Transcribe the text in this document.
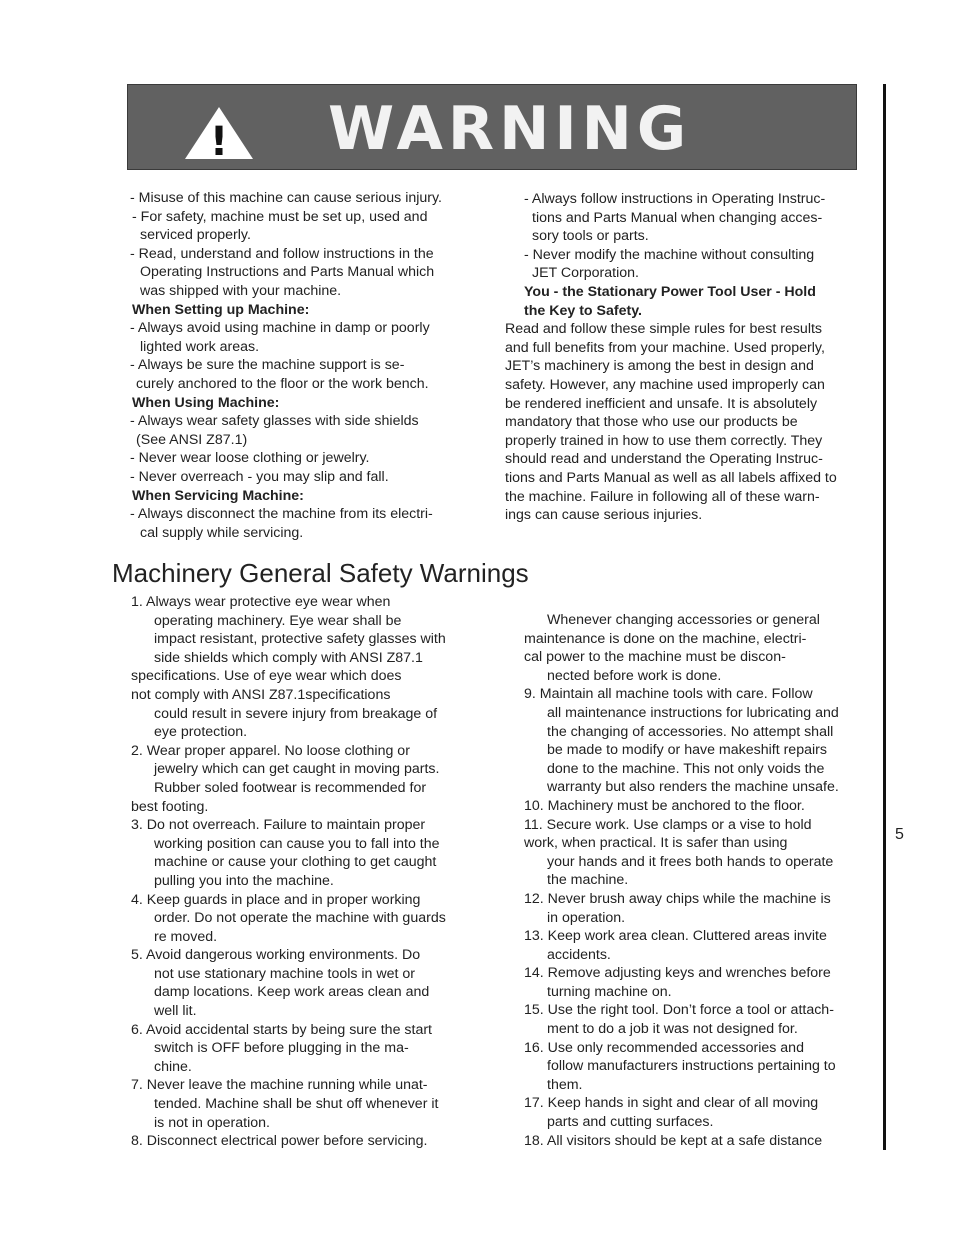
! WARNING
5
- Misuse of this machine can cause serious injury.
- For safety, machine must be set up, used and
serviced properly.
- Read, understand and follow instructions in the
Operating Instructions and Parts Manual which
was shipped with your machine.
When Setting up Machine:
- Always avoid using machine in damp or poorly
lighted work areas.
- Always be sure the machine support is se-
curely anchored to the floor or the work bench.
When Using Machine:
- Always wear safety glasses with side shields
(See ANSI Z87.1)
- Never wear loose clothing or jewelry.
- Never overreach - you may slip and fall.
When Servicing Machine:
- Always disconnect the machine from its electri-
cal supply while servicing.
- Always follow instructions in Operating Instruc-
tions and Parts Manual when changing acces-
sory tools or parts.
- Never modify the machine without consulting
JET Corporation.
You - the Stationary Power Tool User - Hold
the Key to Safety.
Read and follow these simple rules for best results
and full benefits from your machine. Used properly,
JET’s machinery is among the best in design and
safety. However, any machine used improperly can
be rendered inefficient and unsafe. It is absolutely
mandatory that those who use our products be
properly trained in how to use them correctly. They
should read and understand the Operating Instruc-
tions and Parts Manual as well as all labels affixed to
the machine. Failure in following all of these warn-
ings can cause serious injuries.
Machinery General Safety Warnings
1. Always wear protective eye wear when
operating machinery. Eye wear shall be
impact resistant, protective safety glasses with
side shields which comply with ANSI Z87.1
specifications. Use of eye wear which does
not comply with ANSI Z87.1specifications
could result in severe injury from breakage of
eye protection.
2. Wear proper apparel. No loose clothing or
jewelry which can get caught in moving parts.
Rubber soled footwear is recommended for
best footing.
3. Do not overreach. Failure to maintain proper
working position can cause you to fall into the
machine or cause your clothing to get caught
pulling you into the machine.
4. Keep guards in place and in proper working
order. Do not operate the machine with guards
re moved.
5. Avoid dangerous working environments. Do
not use stationary machine tools in wet or
damp locations. Keep work areas clean and
well lit.
6. Avoid accidental starts by being sure the start
switch is OFF before plugging in the ma-
chine.
7. Never leave the machine running while unat-
tended. Machine shall be shut off whenever it
is not in operation.
8. Disconnect electrical power before servicing.
Whenever changing accessories or general
maintenance is done on the machine, electri-
cal power to the machine must be discon-
nected before work is done.
9. Maintain all machine tools with care. Follow
all maintenance instructions for lubricating and
the changing of accessories. No attempt shall
be made to modify or have makeshift repairs
done to the machine. This not only voids the
warranty but also renders the machine unsafe.
10. Machinery must be anchored to the floor.
11. Secure work. Use clamps or a vise to hold
work, when practical. It is safer than using
your hands and it frees both hands to operate
the machine.
12. Never brush away chips while the machine is
in operation.
13. Keep work area clean. Cluttered areas invite
accidents.
14. Remove adjusting keys and wrenches before
turning machine on.
15. Use the right tool. Don’t force a tool or attach-
ment to do a job it was not designed for.
16. Use only recommended accessories and
follow manufacturers instructions pertaining to
them.
17. Keep hands in sight and clear of all moving
parts and cutting surfaces.
18. All visitors should be kept at a safe distance
